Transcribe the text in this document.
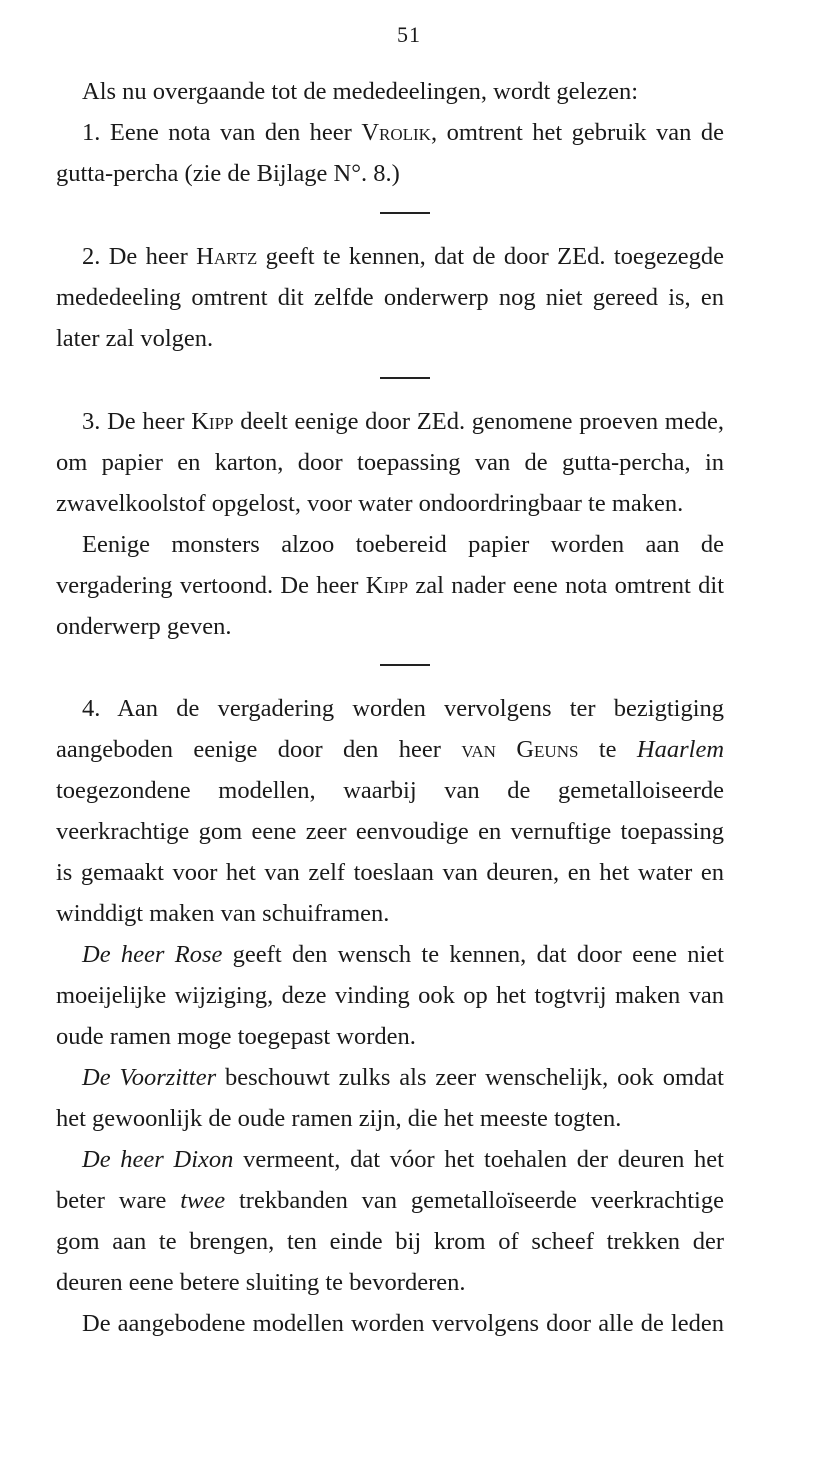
51

Als nu overgaande tot de mededeelingen, wordt gelezen:

1. Eene nota van den heer Vrolik, omtrent het gebruik van de gutta-percha (zie de Bijlage N°. 8.)

2. De heer Hartz geeft te kennen, dat de door ZEd. toegezegde mededeeling omtrent dit zelfde onderwerp nog niet gereed is, en later zal volgen.

3. De heer Kipp deelt eenige door ZEd. genomene proeven mede, om papier en karton, door toepassing van de gutta-percha, in zwavelkoolstof opgelost, voor water ondoordringbaar te maken.

Eenige monsters alzoo toebereid papier worden aan de vergadering vertoond. De heer Kipp zal nader eene nota omtrent dit onderwerp geven.

4. Aan de vergadering worden vervolgens ter bezigtiging aangeboden eenige door den heer van Geuns te Haarlem toegezondene modellen, waarbij van de gemetalloiseerde veerkrachtige gom eene zeer eenvoudige en vernuftige toepassing is gemaakt voor het van zelf toeslaan van deuren, en het water en winddigt maken van schuiframen.

De heer Rose geeft den wensch te kennen, dat door eene niet moeijelijke wijziging, deze vinding ook op het togtvrij maken van oude ramen moge toegepast worden.

De Voorzitter beschouwt zulks als zeer wenschelijk, ook omdat het gewoonlijk de oude ramen zijn, die het meeste togten.

De heer Dixon vermeent, dat vóor het toehalen der deuren het beter ware twee trekbanden van gemetalloïseerde veerkrachtige gom aan te brengen, ten einde bij krom of scheef trekken der deuren eene betere sluiting te bevorderen.

De aangebodene modellen worden vervolgens door alle de leden
